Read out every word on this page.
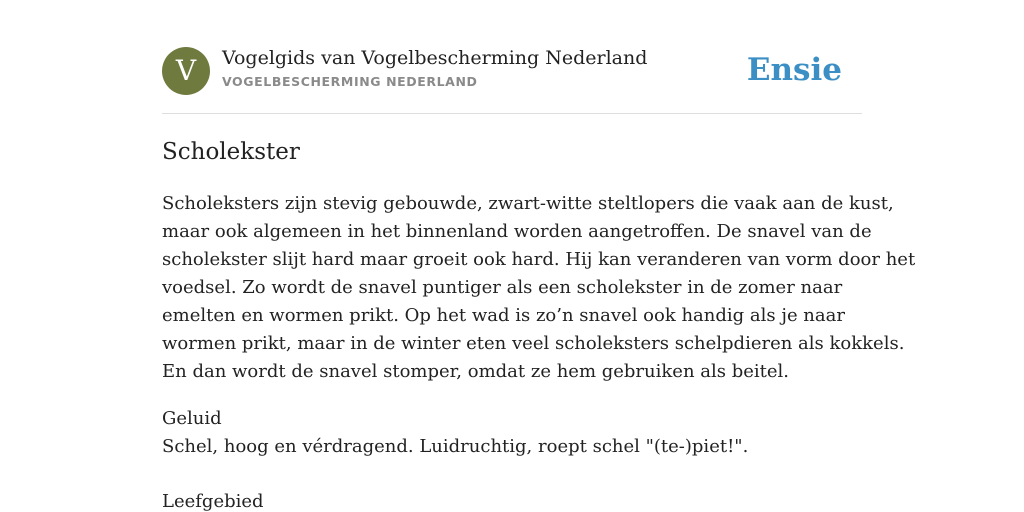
V	Vogelgids van Vogelbescherming Nederland
VOGELBESCHERMING NEDERLAND	Ensie
Scholekster

Scholeksters zijn stevig gebouwde, zwart-witte steltlopers die vaak aan de kust,
maar ook algemeen in het binnenland worden aangetroffen. De snavel van de
scholekster slijt hard maar groeit ook hard. Hij kan veranderen van vorm door het
voedsel. Zo wordt de snavel puntiger als een scholekster in de zomer naar
emelten en wormen prikt. Op het wad is zo’n snavel ook handig als je naar
wormen prikt, maar in de winter eten veel scholeksters schelpdieren als kokkels.
En dan wordt de snavel stomper, omdat ze hem gebruiken als beitel.

Geluid
Schel, hoog en vérdragend. Luidruchtig, roept schel "(te-)piet!".

Leefgebied
